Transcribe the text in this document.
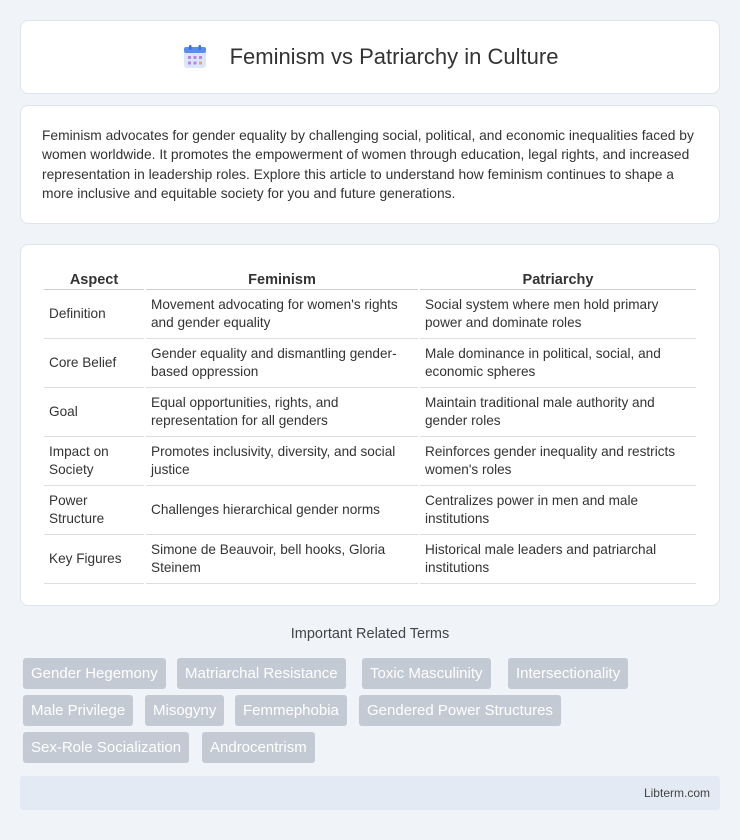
Feminism vs Patriarchy in Culture

Feminism advocates for gender equality by challenging social, political, and economic inequalities faced by women worldwide. It promotes the empowerment of women through education, legal rights, and increased representation in leadership roles. Explore this article to understand how feminism continues to shape a more inclusive and equitable society for you and future generations.

Aspect	Feminism	Patriarchy
Definition	Movement advocating for women's rights and gender equality	Social system where men hold primary power and dominate roles
Core Belief	Gender equality and dismantling gender-based oppression	Male dominance in political, social, and economic spheres
Goal	Equal opportunities, rights, and representation for all genders	Maintain traditional male authority and gender roles
Impact on Society	Promotes inclusivity, diversity, and social justice	Reinforces gender inequality and restricts women's roles
Power Structure	Challenges hierarchical gender norms	Centralizes power in men and male institutions
Key Figures	Simone de Beauvoir, bell hooks, Gloria Steinem	Historical male leaders and patriarchal institutions
Important Related Terms
Gender Hegemony	Matriarchal Resistance	Toxic Masculinity	Intersectionality
Male Privilege	Misogyny	Femmephobia	Gendered Power Structures
Sex-Role Socialization	Androcentrism
Libterm.com
